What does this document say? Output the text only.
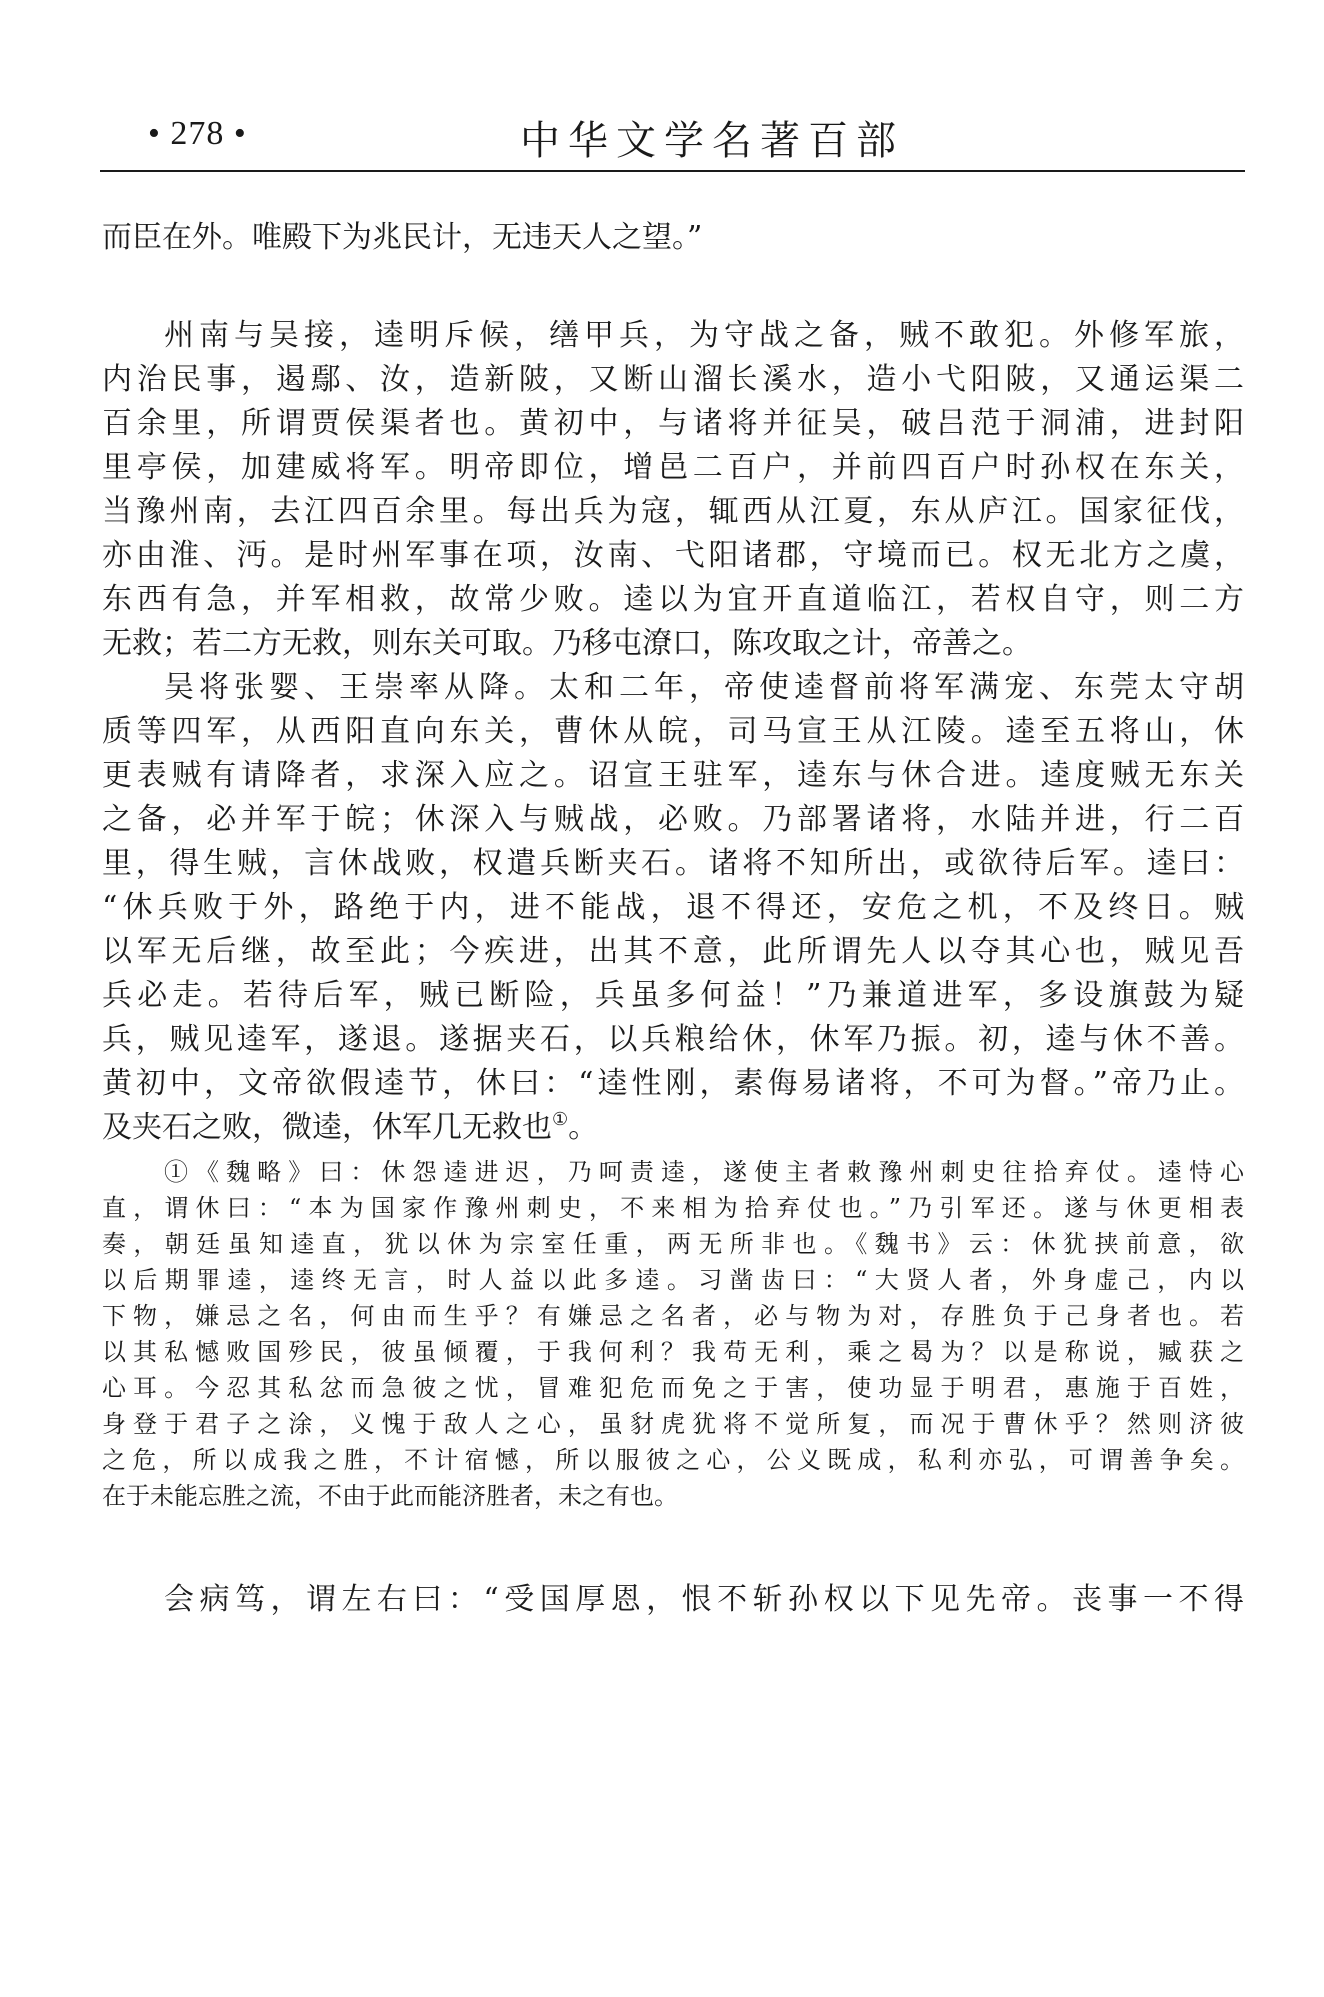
• 278 •	中华文学名著百部

而臣在外。唯殿下为兆民计，无违天人之望。”

州南与吴接，逵明斥候，缮甲兵，为守战之备，贼不敢犯。外修军旅，

内治民事，遏鄢、汝，造新陂，又断山溜长溪水，造小弋阳陂，又通运渠二

百余里，所谓贾侯渠者也。黄初中，与诸将并征吴，破吕范于洞浦，进封阳

里亭侯，加建威将军。明帝即位，增邑二百户，并前四百户时孙权在东关，

当豫州南，去江四百余里。每出兵为寇，辄西从江夏，东从庐江。国家征伐，

亦由淮、沔。是时州军事在项，汝南、弋阳诸郡，守境而已。权无北方之虞，

东西有急，并军相救，故常少败。逵以为宜开直道临江，若权自守，则二方

无救；若二方无救，则东关可取。乃移屯潦口，陈攻取之计，帝善之。

吴将张婴、王崇率从降。太和二年，帝使逵督前将军满宠、东莞太守胡

质等四军，从西阳直向东关，曹休从皖，司马宣王从江陵。逵至五将山，休

更表贼有请降者，求深入应之。诏宣王驻军，逵东与休合进。逵度贼无东关

之备，必并军于皖；休深入与贼战，必败。乃部署诸将，水陆并进，行二百

里，得生贼，言休战败，权遣兵断夹石。诸将不知所出，或欲待后军。逵曰：

“休兵败于外，路绝于内，进不能战，退不得还，安危之机，不及终日。贼

以军无后继，故至此；今疾进，出其不意，此所谓先人以夺其心也，贼见吾

兵必走。若待后军，贼已断险，兵虽多何益！”乃兼道进军，多设旗鼓为疑

兵，贼见逵军，遂退。遂据夹石，以兵粮给休，休军乃振。初，逵与休不善。

黄初中，文帝欲假逵节，休曰：“逵性刚，素侮易诸将，不可为督。”帝乃止。

及夹石之败，微逵，休军几无救也①。

①《魏略》曰：休怨逵进迟，乃呵责逵，遂使主者敕豫州刺史往拾弃仗。逵恃心

直，谓休曰：“本为国家作豫州刺史，不来相为拾弃仗也。”乃引军还。遂与休更相表

奏，朝廷虽知逵直，犹以休为宗室任重，两无所非也。《魏书》云：休犹挟前意，欲

以后期罪逵，逵终无言，时人益以此多逵。习凿齿曰：“大贤人者，外身虚己，内以

下物，嫌忌之名，何由而生乎？有嫌忌之名者，必与物为对，存胜负于己身者也。若

以其私憾败国殄民，彼虽倾覆，于我何利？我苟无利，乘之曷为？以是称说，臧获之

心耳。今忍其私忿而急彼之忧，冒难犯危而免之于害，使功显于明君，惠施于百姓，

身登于君子之涂，义愧于敌人之心，虽豺虎犹将不觉所复，而况于曹休乎？然则济彼

之危，所以成我之胜，不计宿憾，所以服彼之心，公义既成，私利亦弘，可谓善争矣。

在于未能忘胜之流，不由于此而能济胜者，未之有也。

会病笃，谓左右曰：“受国厚恩，恨不斩孙权以下见先帝。丧事一不得
